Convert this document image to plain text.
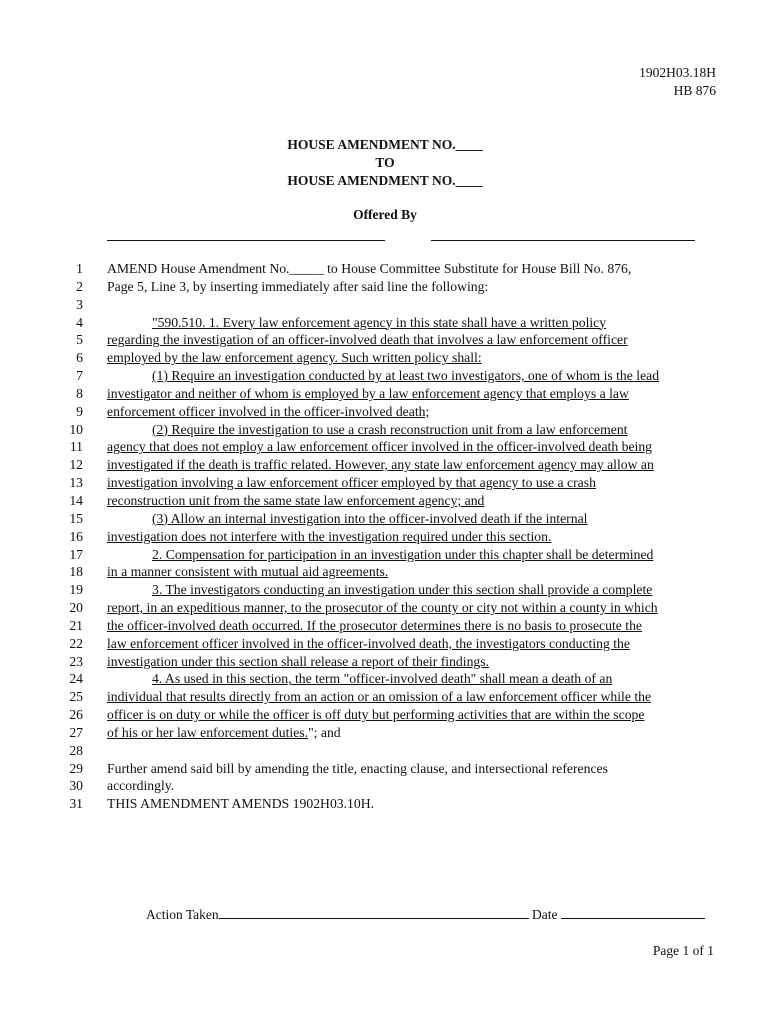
1902H03.18H
HB 876
HOUSE AMENDMENT NO.____
TO
HOUSE AMENDMENT NO.____
Offered By
1 AMEND House Amendment No._____ to House Committee Substitute for House Bill No. 876,
2 Page 5, Line 3, by inserting immediately after said line the following:
3
4	"590.510. 1. Every law enforcement agency in this state shall have a written policy
5 regarding the investigation of an officer-involved death that involves a law enforcement officer
6 employed by the law enforcement agency. Such written policy shall:
7	(1) Require an investigation conducted by at least two investigators, one of whom is the lead
8 investigator and neither of whom is employed by a law enforcement agency that employs a law
9 enforcement officer involved in the officer-involved death;
10	(2) Require the investigation to use a crash reconstruction unit from a law enforcement
11 agency that does not employ a law enforcement officer involved in the officer-involved death being
12 investigated if the death is traffic related. However, any state law enforcement agency may allow an
13 investigation involving a law enforcement officer employed by that agency to use a crash
14 reconstruction unit from the same state law enforcement agency; and
15	(3) Allow an internal investigation into the officer-involved death if the internal
16 investigation does not interfere with the investigation required under this section.
17	2. Compensation for participation in an investigation under this chapter shall be determined
18 in a manner consistent with mutual aid agreements.
19	3. The investigators conducting an investigation under this section shall provide a complete
20 report, in an expeditious manner, to the prosecutor of the county or city not within a county in which
21 the officer-involved death occurred. If the prosecutor determines there is no basis to prosecute the
22 law enforcement officer involved in the officer-involved death, the investigators conducting the
23 investigation under this section shall release a report of their findings.
24	4. As used in this section, the term "officer-involved death" shall mean a death of an
25 individual that results directly from an action or an omission of a law enforcement officer while the
26 officer is on duty or while the officer is off duty but performing activities that are within the scope
27 of his or her law enforcement duties."; and
28
29 Further amend said bill by amending the title, enacting clause, and intersectional references
30 accordingly.
31 THIS AMENDMENT AMENDS 1902H03.10H.
Action Taken	Date
Page 1 of 1
